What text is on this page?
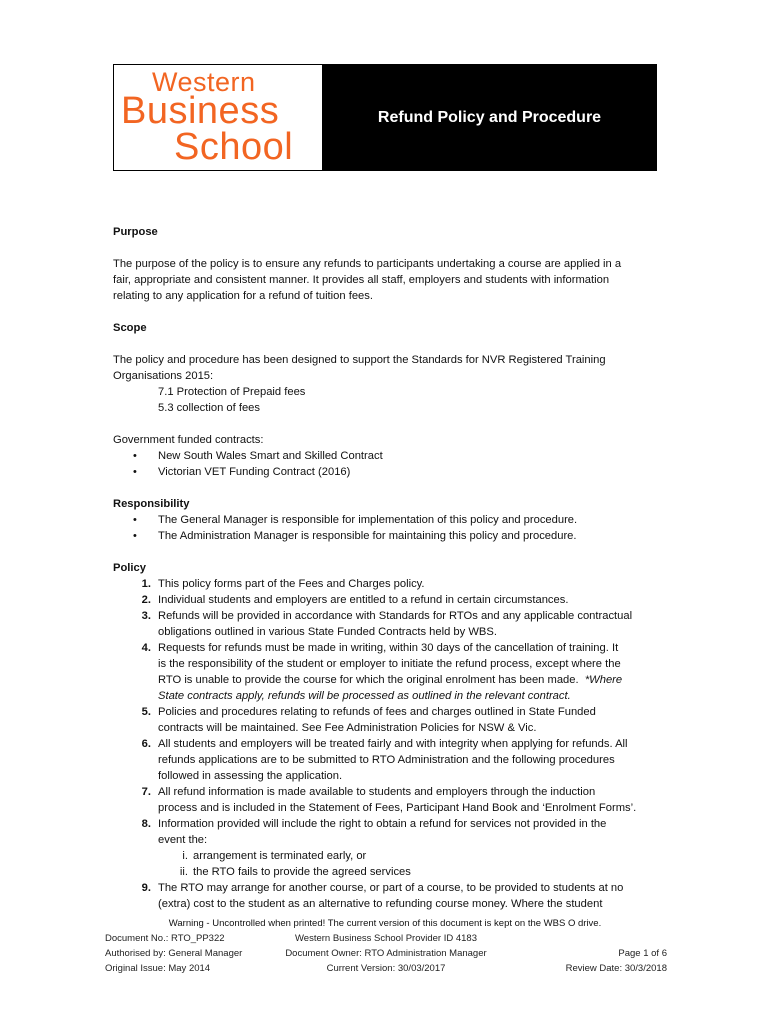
Western
Business
School
Refund Policy and Procedure

Purpose

The purpose of the policy is to ensure any refunds to participants undertaking a course are applied in a

fair, appropriate and consistent manner. It provides all staff, employers and students with information

relating to any application for a refund of tuition fees.

Scope

The policy and procedure has been designed to support the Standards for NVR Registered Training

Organisations 2015:

7.1 Protection of Prepaid fees

5.3 collection of fees

Government funded contracts:

• New South Wales Smart and Skilled Contract
• Victorian VET Funding Contract (2016)

Responsibility

• The General Manager is responsible for implementation of this policy and procedure.
• The Administration Manager is responsible for maintaining this policy and procedure.

Policy

1. This policy forms part of the Fees and Charges policy.
2. Individual students and employers are entitled to a refund in certain circumstances.
3. Refunds will be provided in accordance with Standards for RTOs and any applicable contractual
obligations outlined in various State Funded Contracts held by WBS.
4. Requests for refunds must be made in writing, within 30 days of the cancellation of training. It
is the responsibility of the student or employer to initiate the refund process, except where the
RTO is unable to provide the course for which the original enrolment has been made. *Where
State contracts apply, refunds will be processed as outlined in the relevant contract.
5. Policies and procedures relating to refunds of fees and charges outlined in State Funded
contracts will be maintained. See Fee Administration Policies for NSW & Vic.
6. All students and employers will be treated fairly and with integrity when applying for refunds. All
refunds applications are to be submitted to RTO Administration and the following procedures
followed in assessing the application.
7. All refund information is made available to students and employers through the induction
process and is included in the Statement of Fees, Participant Hand Book and ‘Enrolment Forms’.
8. Information provided will include the right to obtain a refund for services not provided in the
event the:
i. arrangement is terminated early, or
ii. the RTO fails to provide the agreed services
9. The RTO may arrange for another course, or part of a course, to be provided to students at no
(extra) cost to the student as an alternative to refunding course money. Where the student
Warning - Uncontrolled when printed! The current version of this document is kept on the WBS O drive.
Document No.: RTO_PP322	Western Business School Provider ID 4183
Authorised by: General Manager	Document Owner: RTO Administration Manager	Page 1 of 6
Original Issue: May 2014	Current Version: 30/03/2017	Review Date: 30/3/2018
